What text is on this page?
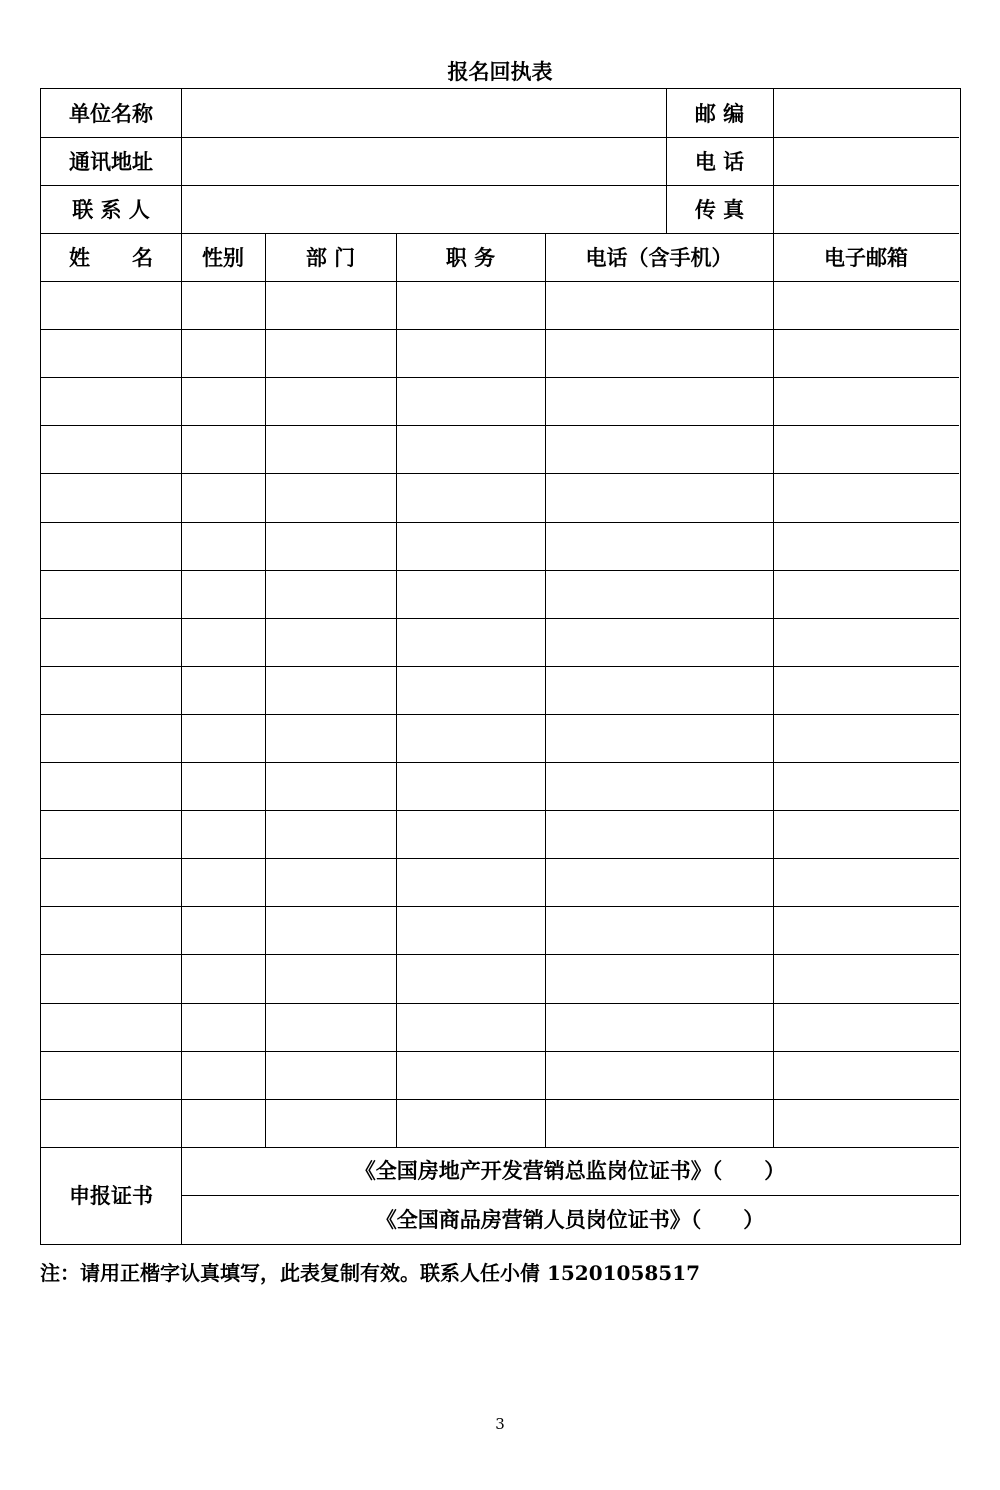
报名回执表
单位名称	邮 编
通讯地址	电 话
联 系 人	传 真
姓　　名	性别	部 门	职 务	电话（含手机）	电子邮箱
申报证书
《全国房地产开发营销总监岗位证书》（　　）
《全国商品房营销人员岗位证书》（　　）
注：请用正楷字认真填写，此表复制有效。联系人任小倩 15201058517
3
